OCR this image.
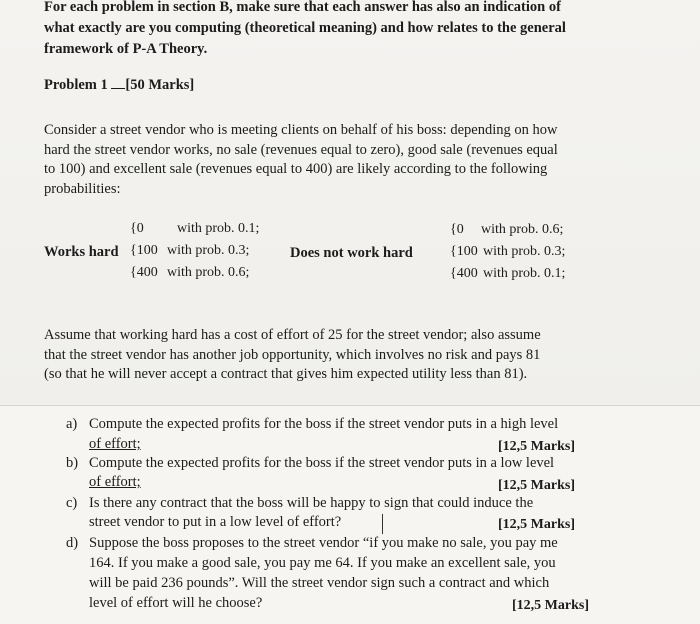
For each problem in section B, make sure that each answer has also an indication of
what exactly are you computing (theoretical meaning) and how relates to the general
framework of P-A Theory.
Problem 1 [50 Marks]
Consider a street vendor who is meeting clients on behalf of his boss: depending on how
hard the street vendor works, no sale (revenues equal to zero), good sale (revenues equal
to 100) and excellent sale (revenues equal to 400) are likely according to the following
probabilities:
Works hard
{0 with prob. 0.1;
{100 with prob. 0.3;
{400 with prob. 0.6;
Does not work hard
{0 with prob. 0.6;
{100 with prob. 0.3;
{400 with prob. 0.1;
Assume that working hard has a cost of effort of 25 for the street vendor; also assume
that the street vendor has another job opportunity, which involves no risk and pays 81
(so that he will never accept a contract that gives him expected utility less than 81).
a) Compute the expected profits for the boss if the street vendor puts in a high level
of effort;	[12,5 Marks]
b) Compute the expected profits for the boss if the street vendor puts in a low level
of effort;	[12,5 Marks]
c) Is there any contract that the boss will be happy to sign that could induce the
street vendor to put in a low level of effort?	[12,5 Marks]
d) Suppose the boss proposes to the street vendor “if you make no sale, you pay me
164. If you make a good sale, you pay me 64. If you make an excellent sale, you
will be paid 236 pounds”. Will the street vendor sign such a contract and which
level of effort will he choose?	[12,5 Marks]
